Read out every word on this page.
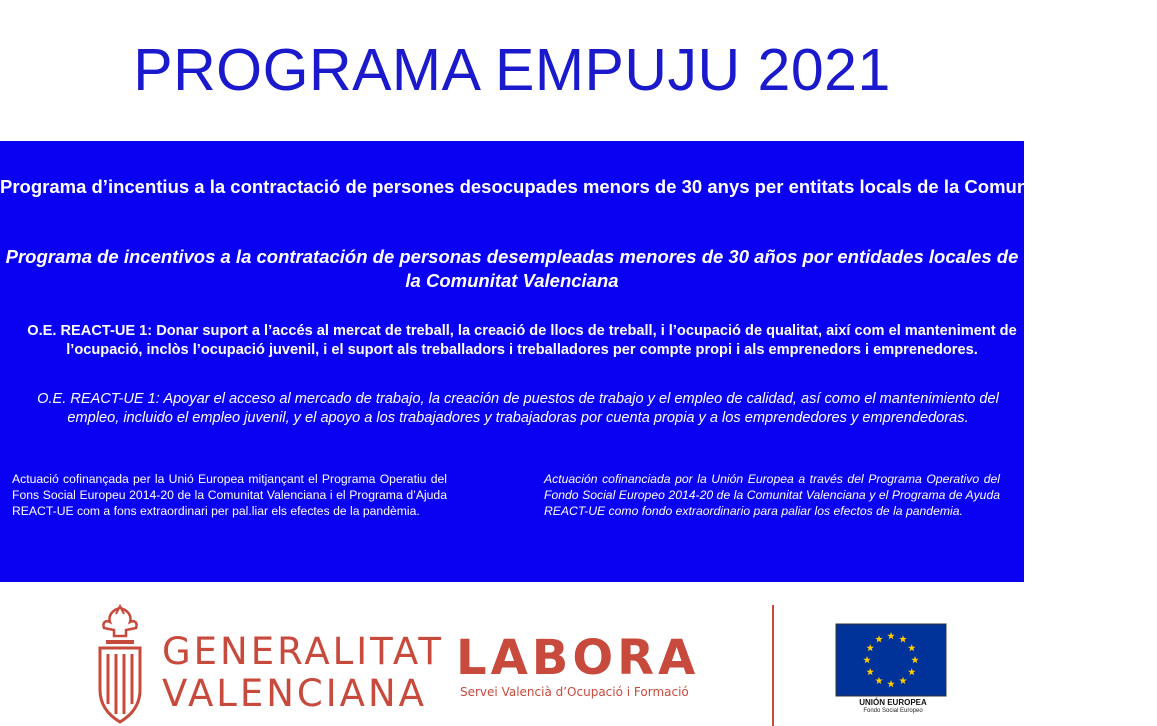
PROGRAMA EMPUJU 2021
Programa d’incentius a la contractació de persones desocupades menors de 30 anys per entitats locals de la Comunitat Valenciana
Programa de incentivos a la contratación de personas desempleadas menores de 30 años por entidades locales de la Comunitat Valenciana
O.E. REACT-UE 1: Donar suport a l’accés al mercat de treball, la creació de llocs de treball, i l’ocupació de qualitat, així com el manteniment de l’ocupació, inclòs l’ocupació juvenil, i el suport als treballadors i treballadores per compte propi i als emprenedors i emprenedores.
O.E. REACT-UE 1: Apoyar el acceso al mercado de trabajo, la creación de puestos de trabajo y el empleo de calidad, así como el mantenimiento del empleo, incluido el empleo juvenil, y el apoyo a los trabajadores y trabajadoras por cuenta propia y a los emprendedores y emprendedoras.
Actuació cofinançada per la Unió Europea mitjançant el Programa Operatiu del Fons Social Europeu 2014-20 de la Comunitat Valenciana i el Programa d’Ajuda REACT-UE com a fons extraordinari per pal.liar els efectes de la pandèmia.
Actuación cofinanciada por la Unión Europea a través del Programa Operativo del Fondo Social Europeo 2014-20 de la Comunitat Valenciana y el Programa de Ayuda REACT-UE como fondo extraordinario para paliar los efectos de la pandemia.
GENERALITAT
VALENCIANA
LABORA
Servei Valencià d’Ocupació i Formació
UNIÓN EUROPEA
Fondo Social Europeo
